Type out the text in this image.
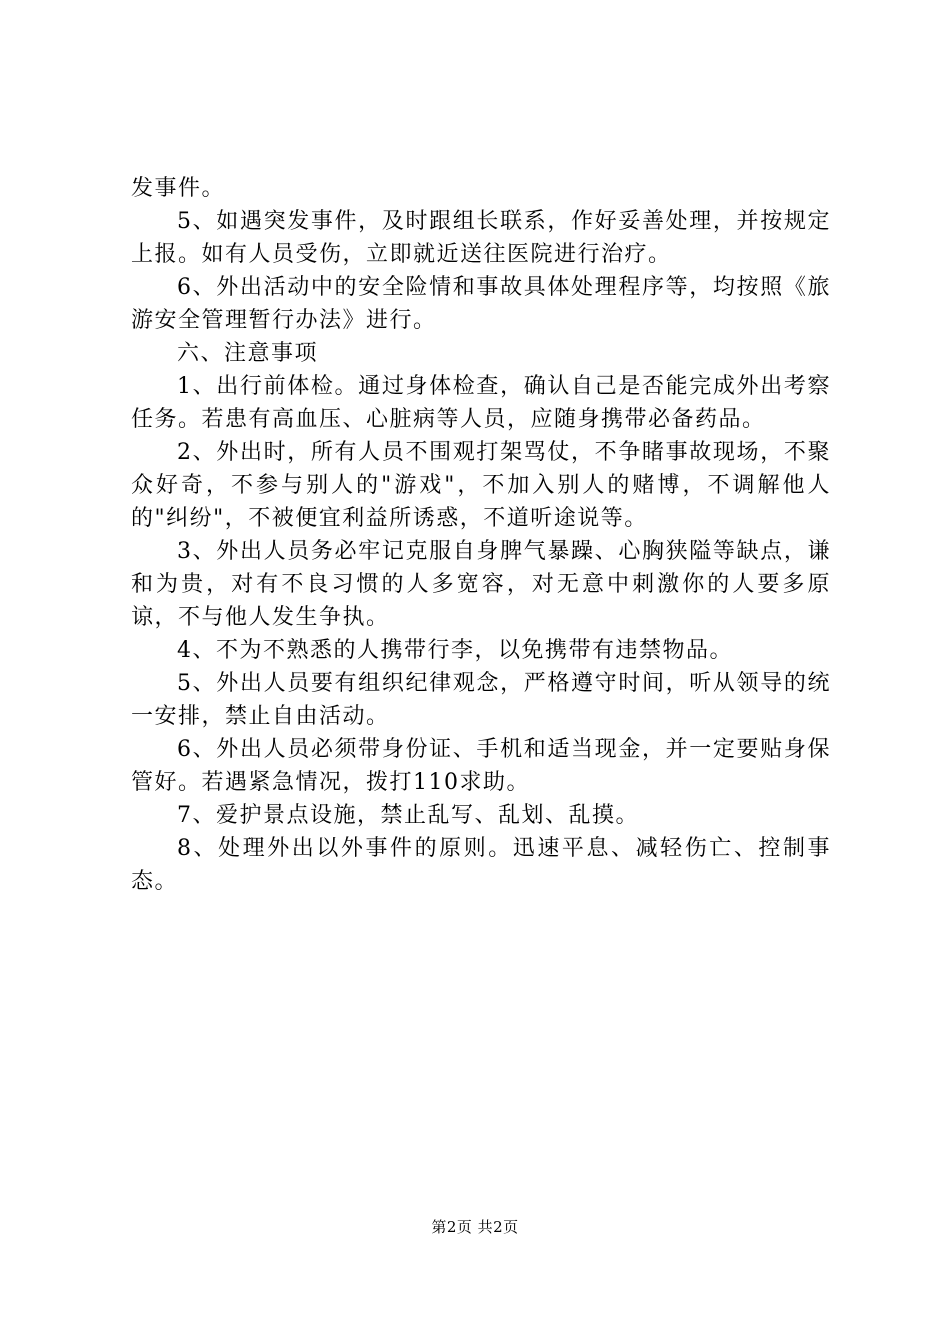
发事件。

5、如遇突发事件，及时跟组长联系，作好妥善处理，并按规定上报。如有人员受伤，立即就近送往医院进行治疗。

6、外出活动中的安全险情和事故具体处理程序等，均按照《旅游安全管理暂行办法》进行。

六、注意事项

1、出行前体检。通过身体检查，确认自己是否能完成外出考察任务。若患有高血压、心脏病等人员，应随身携带必备药品。

2、外出时，所有人员不围观打架骂仗，不争睹事故现场，不聚众好奇，不参与别人的"游戏"，不加入别人的赌博，不调解他人的"纠纷"，不被便宜利益所诱惑，不道听途说等。

3、外出人员务必牢记克服自身脾气暴躁、心胸狭隘等缺点，谦和为贵，对有不良习惯的人多宽容，对无意中刺激你的人要多原谅，不与他人发生争执。

4、不为不熟悉的人携带行李，以免携带有违禁物品。

5、外出人员要有组织纪律观念，严格遵守时间，听从领导的统一安排，禁止自由活动。

6、外出人员必须带身份证、手机和适当现金，并一定要贴身保管好。若遇紧急情况，拨打110求助。

7、爱护景点设施，禁止乱写、乱划、乱摸。

8、处理外出以外事件的原则。迅速平息、减轻伤亡、控制事态。

第2页 共2页
